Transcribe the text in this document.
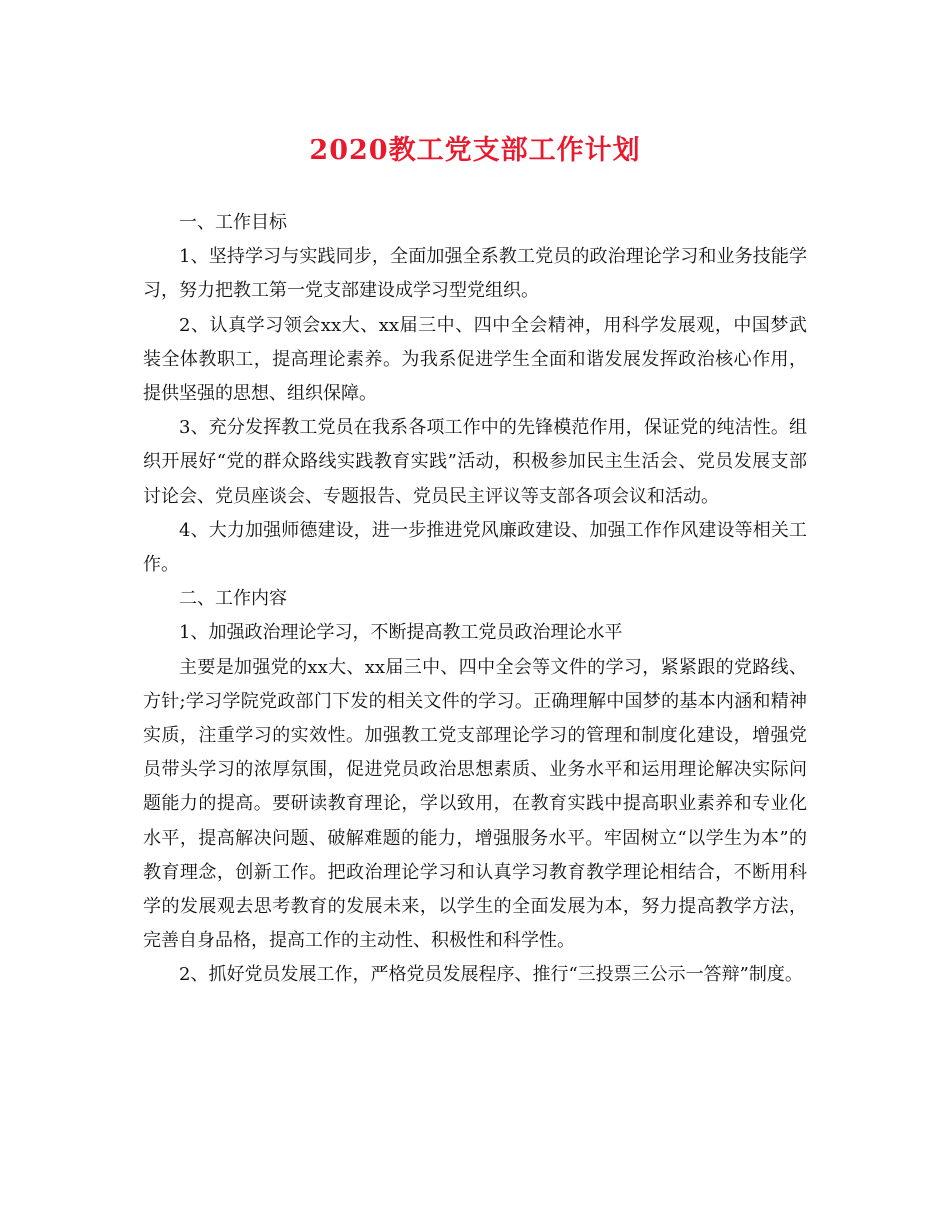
2020教工党支部工作计划

一、工作目标

1、坚持学习与实践同步，全面加强全系教工党员的政治理论学习和业务技能学习，努力把教工第一党支部建设成学习型党组织。

2、认真学习领会xx大、xx届三中、四中全会精神，用科学发展观，中国梦武装全体教职工，提高理论素养。为我系促进学生全面和谐发展发挥政治核心作用，提供坚强的思想、组织保障。

3、充分发挥教工党员在我系各项工作中的先锋模范作用，保证党的纯洁性。组织开展好“党的群众路线实践教育实践”活动，积极参加民主生活会、党员发展支部讨论会、党员座谈会、专题报告、党员民主评议等支部各项会议和活动。

4、大力加强师德建设，进一步推进党风廉政建设、加强工作作风建设等相关工作。

二、工作内容

1、加强政治理论学习，不断提高教工党员政治理论水平

主要是加强党的xx大、xx届三中、四中全会等文件的学习，紧紧跟的党路线、方针;学习学院党政部门下发的相关文件的学习。正确理解中国梦的基本内涵和精神实质，注重学习的实效性。加强教工党支部理论学习的管理和制度化建设，增强党员带头学习的浓厚氛围，促进党员政治思想素质、业务水平和运用理论解决实际问题能力的提高。要研读教育理论，学以致用，在教育实践中提高职业素养和专业化水平，提高解决问题、破解难题的能力，增强服务水平。牢固树立“以学生为本”的教育理念，创新工作。把政治理论学习和认真学习教育教学理论相结合，不断用科学的发展观去思考教育的发展未来，以学生的全面发展为本，努力提高教学方法，完善自身品格，提高工作的主动性、积极性和科学性。

2、抓好党员发展工作，严格党员发展程序、推行“三投票三公示一答辩”制度。
